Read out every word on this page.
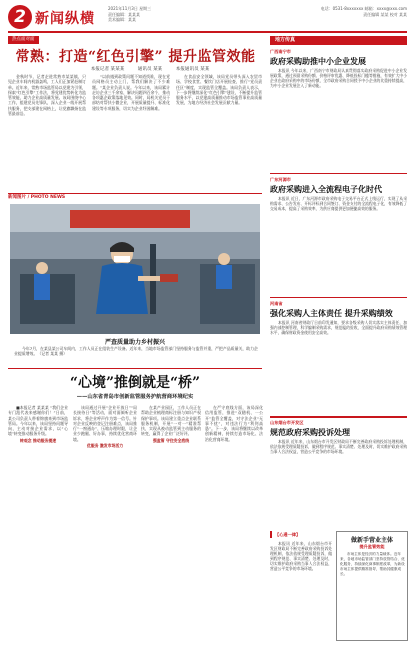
2 新闻纵横
2021年11月3日 星期三
责任编辑：某某某
美术编辑：某某
电话：0531-8xxxxxxx 邮箱：xxxx@xxx.com
责任编辑 某某 校对 某某
热点面对面
常熟：打造“红色引擎” 提升监管效能
本报记者 某某某	通讯员 某某	本报通讯员 某某
金秋时节，记者走进常熟市某某镇，只见企业车间内机器轰鸣，工人们正加紧赶制订单。近年来，常熟市场监管局以党建为引领，探索“红色引擎”工作法，将党建优势转化为监管效能，助力企业高质量发展。该局围绕中心工作，组建党员先锋队，深入企业一线开展帮扶服务，把支部建在网格上，让党旗飘扬在监管最前沿。
“以前遇到政策问题不知道找谁，现在党员网格员主动上门，帮我们解决了不少难题。”某企业负责人说。今年以来，该局累计走访企业三千余家，解决问题四百余个，推动各项惠企政策落地见效。同时，局机关党员干部结对帮扶小微企业，开展质量提升、标准化建设等专项服务，切实为企业纾困解难。
在食品安全领域，该局党员带头深入农贸市场、学校食堂、餐饮门店开展检查，推行“党员责任区”制度，实现监管全覆盖。该局负责人表示，下一步将继续深化“红色引擎”建设，不断提升监管服务水平，以党建高质量推动市场监管事业高质量发展，为地方经济社会发展贡献力量。
新闻图片 / PHOTO NEWS
严查质量助力乡村振兴
今年7月，在某县某公司车间内，工作人员正在组装生产设备。近年来，当地市场监管部门坚持服务与监管并重，严把产品质量关，助力企业提质增效。（记者 某某 摄）
“心境”推倒就是“桥”
——山东省青岛市创新监管服务护航营商环境纪实
■本报记者 某某某 “我们企业专门派代表来感谢你们！”日前，某公司负责人带着锦旗来到市场监管局。今年以来，该局坚持问题导向，主动对接企业需求，以“心境”转变推动服务升级。
转观念 推动服务提速
该局通过开展“企业开放日”“局长接待日”等活动，面对面倾听企业诉求，将企业呼声作为第一信号。针对企业反映的登记注册难点，该局推行“一窗通办”，压缩办理时限，让企业少跑腿、好办事，持续优化营商环境。
优服务 激发市场活力
在某产业园区，工作人员正在帮助企业梳理商标注册与知识产权保护事项。该局建立重点企业联系服务机制，开展“一对一”精准帮扶，实现从被动监管到主动服务的转变，赢得了企业广泛好评。
强监管 守住安全底线
在严守底线方面，该局深化信用监管，推进“双随机、一公开”监管全覆盖，对守法企业“无事不扰”，对违法行为“利剑高悬”。下一步，该局将继续以改革创新精神，持续打造市场化、法治化营商环境。
地方传真
广西南宁市
政府采购助推中小企业发展
本报讯 今年以来，广西南宁市财政局认真贯彻落实政府采购促进中小企业发展政策，通过预留采购份额、价格评审优惠、降低投标门槛等措施，有效扩大中小企业在政府采购中的市场份额，全市政府采购合同授予中小企业的比重持续提高，为中小企业发展注入了新动能。
广东河源市
政府采购进入全流程电子化时代
本报讯 近日，广东河源市政府采购电子交易平台正式上线运行，实现了从采购需求、公告发布、开标评标到合同签订、资金支付的全流程电子化，有效降低了交易成本，提高了采购效率，为供应商提供更加便捷高效的服务。
河南省
强化采购人主体责任 提升采购绩效
本报讯 河南省财政厅日前印发通知，要求各级采购人切实落实主体责任，加强内部控制管理，科学编制采购需求，规范履约验收，全面提升政府采购绩效管理水平，确保财政资金使用安全高效。
山东烟台市开发区
规范政府采购投诉处理
本报讯 近年来，山东烟台市开发区财政局不断完善政府采购投诉处理机制，依法依规受理质疑投诉，做到程序规范、事实清楚、处理及时，切实维护政府采购当事人合法权益，营造公平竞争的市场环境。
【心通一律】
本报讯 近年来，山东烟台市开发区财政局不断完善政府采购投诉处理机制，依法依规受理质疑投诉，做到程序规范、事实清楚、处理及时，切实维护政府采购当事人合法权益，营造公平竞争的市场环境。
做新手营业主体
提升监管效能
市场主体是经济的力量载体。近年来，各地市场监管部门坚持放管结合、优化服务，持续深化商事制度改革，为新设市场主体提供精准指导，帮助其健康成长。
